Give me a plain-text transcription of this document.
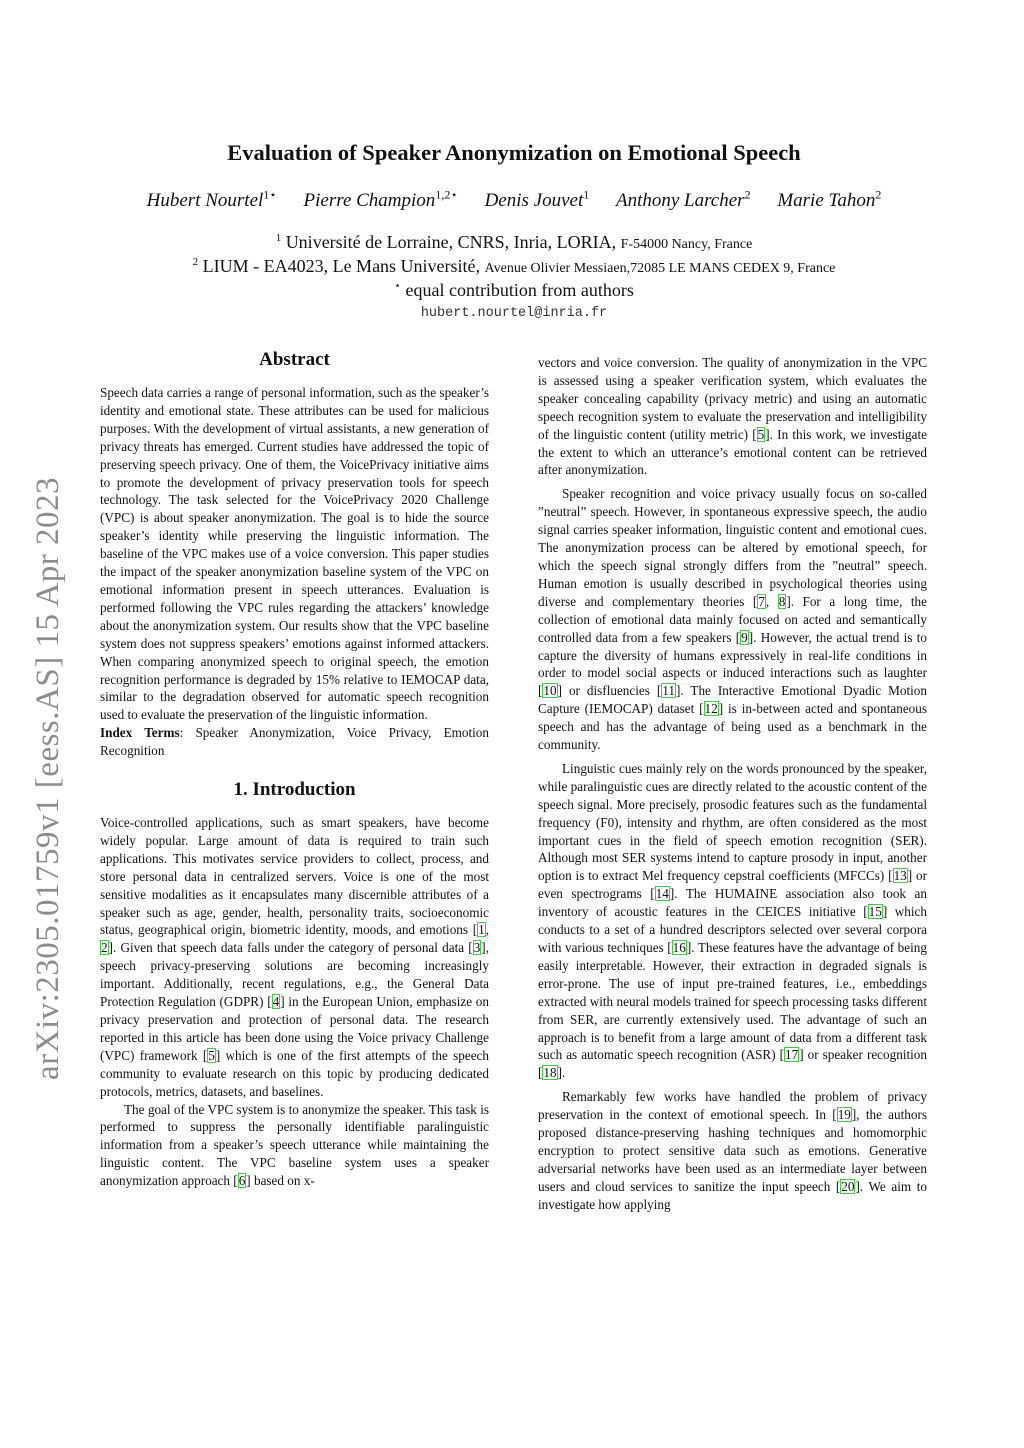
arXiv:2305.01759v1 [eess.AS] 15 Apr 2023
Evaluation of Speaker Anonymization on Emotional Speech
Hubert Nourtel$^{1⋆}$ Pierre Champion$^{1,2⋆}$ Denis Jouvet$^1$ Anthony Larcher$^2$ Marie Tahon$^2$
$^1$ Université de Lorraine, CNRS, Inria, LORIA, F-54000 Nancy, France
$^2$ LIUM - EA4023, Le Mans Université, Avenue Olivier Messiaen,72085 LE MANS CEDEX 9, France
⋆ equal contribution from authors
hubert.nourtel@inria.fr
Abstract

Speech data carries a range of personal information, such as the speaker’s identity and emotional state. These attributes can be used for malicious purposes. With the development of virtual assistants, a new generation of privacy threats has emerged. Current studies have addressed the topic of preserving speech privacy. One of them, the VoicePrivacy initiative aims to promote the development of privacy preservation tools for speech technology. The task selected for the VoicePrivacy 2020 Challenge (VPC) is about speaker anonymization. The goal is to hide the source speaker’s identity while preserving the linguistic information. The baseline of the VPC makes use of a voice conversion. This paper studies the impact of the speaker anonymization baseline system of the VPC on emotional information present in speech utterances. Evaluation is performed following the VPC rules regarding the attackers’ knowledge about the anonymization system. Our results show that the VPC baseline system does not suppress speakers’ emotions against informed attackers. When comparing anonymized speech to original speech, the emotion recognition performance is degraded by 15% relative to IEMOCAP data, similar to the degradation observed for automatic speech recognition used to evaluate the preservation of the linguistic information.

Index Terms: Speaker Anonymization, Voice Privacy, Emotion Recognition

1. Introduction

Voice-controlled applications, such as smart speakers, have become widely popular. Large amount of data is required to train such applications. This motivates service providers to collect, process, and store personal data in centralized servers. Voice is one of the most sensitive modalities as it encapsulates many discernible attributes of a speaker such as age, gender, health, personality traits, socioeconomic status, geographical origin, biometric identity, moods, and emotions [1, 2]. Given that speech data falls under the category of personal data [3], speech privacy-preserving solutions are becoming increasingly important. Additionally, recent regulations, e.g., the General Data Protection Regulation (GDPR) [4] in the European Union, emphasize on privacy preservation and protection of personal data. The research reported in this article has been done using the Voice privacy Challenge (VPC) framework [5] which is one of the first attempts of the speech community to evaluate research on this topic by producing dedicated protocols, metrics, datasets, and baselines.

The goal of the VPC system is to anonymize the speaker. This task is performed to suppress the personally identifiable paralinguistic information from a speaker’s speech utterance while maintaining the linguistic content. The VPC baseline system uses a speaker anonymization approach [6] based on x-

vectors and voice conversion. The quality of anonymization in the VPC is assessed using a speaker verification system, which evaluates the speaker concealing capability (privacy metric) and using an automatic speech recognition system to evaluate the preservation and intelligibility of the linguistic content (utility metric) [5]. In this work, we investigate the extent to which an utterance’s emotional content can be retrieved after anonymization.

Speaker recognition and voice privacy usually focus on so-called ”neutral” speech. However, in spontaneous expressive speech, the audio signal carries speaker information, linguistic content and emotional cues. The anonymization process can be altered by emotional speech, for which the speech signal strongly differs from the ”neutral” speech. Human emotion is usually described in psychological theories using diverse and complementary theories [7, 8]. For a long time, the collection of emotional data mainly focused on acted and semantically controlled data from a few speakers [9]. However, the actual trend is to capture the diversity of humans expressively in real-life conditions in order to model social aspects or induced interactions such as laughter [10] or disfluencies [11]. The Interactive Emotional Dyadic Motion Capture (IEMOCAP) dataset [12] is in-between acted and spontaneous speech and has the advantage of being used as a benchmark in the community.

Linguistic cues mainly rely on the words pronounced by the speaker, while paralinguistic cues are directly related to the acoustic content of the speech signal. More precisely, prosodic features such as the fundamental frequency (F0), intensity and rhythm, are often considered as the most important cues in the field of speech emotion recognition (SER). Although most SER systems intend to capture prosody in input, another option is to extract Mel frequency cepstral coefficients (MFCCs) [13] or even spectrograms [14]. The HUMAINE association also took an inventory of acoustic features in the CEICES initiative [15] which conducts to a set of a hundred descriptors selected over several corpora with various techniques [16]. These features have the advantage of being easily interpretable. However, their extraction in degraded signals is error-prone. The use of input pre-trained features, i.e., embeddings extracted with neural models trained for speech processing tasks different from SER, are currently extensively used. The advantage of such an approach is to benefit from a large amount of data from a different task such as automatic speech recognition (ASR) [17] or speaker recognition [18].

Remarkably few works have handled the problem of privacy preservation in the context of emotional speech. In [19], the authors proposed distance-preserving hashing techniques and homomorphic encryption to protect sensitive data such as emotions. Generative adversarial networks have been used as an intermediate layer between users and cloud services to sanitize the input speech [20]. We aim to investigate how applying
